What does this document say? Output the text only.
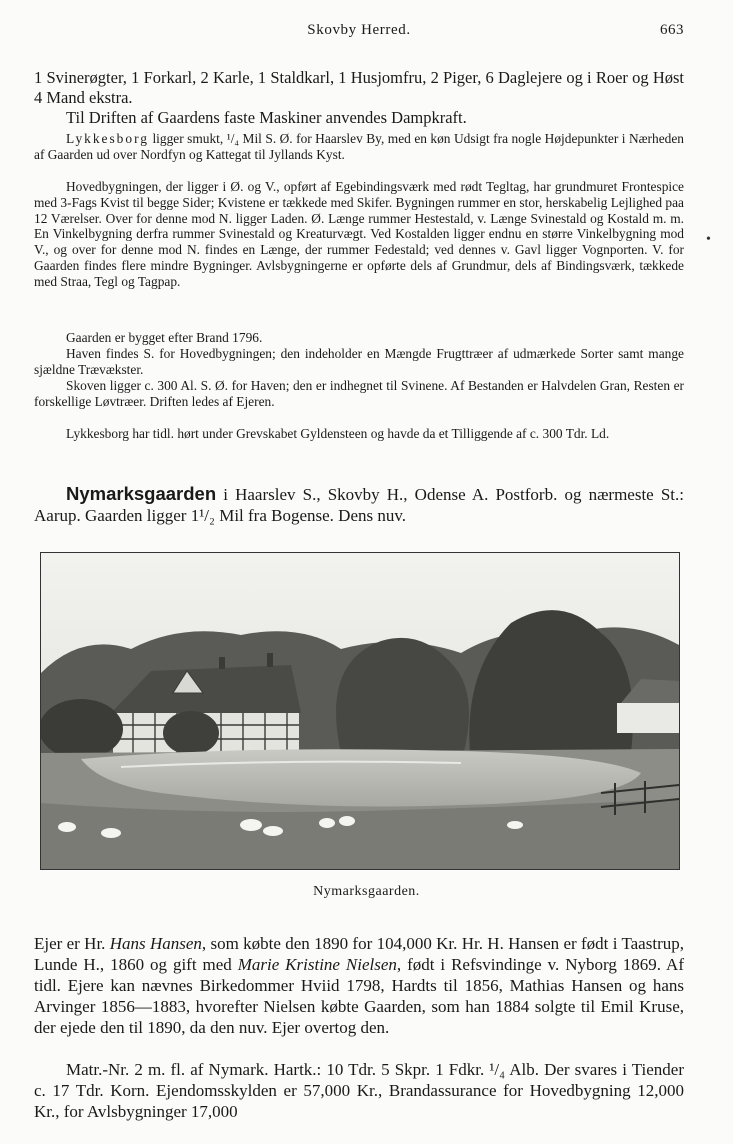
Skovby Herred.	663

1 Svinerøgter, 1 Forkarl, 2 Karle, 1 Staldkarl, 1 Husjomfru, 2 Piger, 6 Daglejere og i Roer og Høst 4 Mand ekstra.

Til Driften af Gaardens faste Maskiner anvendes Dampkraft.

Lykkesborg ligger smukt, ¹/₄ Mil S. Ø. for Haarslev By, med en køn Udsigt fra nogle Højdepunkter i Nærheden af Gaarden ud over Nordfyn og Kattegat til Jyllands Kyst.

Hovedbygningen, der ligger i Ø. og V., opført af Egebindingsværk med rødt Tegltag, har grundmuret Frontespice med 3-Fags Kvist til begge Sider; Kvistene er tækkede med Skifer. Bygningen rummer en stor, herskabelig Lejlighed paa 12 Værelser. Over for denne mod N. ligger Laden. Ø. Længe rummer Hestestald, v. Længe Svinestald og Kostald m. m. En Vinkelbygning derfra rummer Svinestald og Kreaturvægt. Ved Kostalden ligger endnu en større Vinkelbygning mod V., og over for denne mod N. findes en Længe, der rummer Fedestald; ved dennes v. Gavl ligger Vognporten. V. for Gaarden findes flere mindre Bygninger. Avlsbygningerne er opførte dels af Grundmur, dels af Bindingsværk, tækkede med Straa, Tegl og Tagpap.

Gaarden er bygget efter Brand 1796.

Haven findes S. for Hovedbygningen; den indeholder en Mængde Frugttræer af udmærkede Sorter samt mange sjældne Trævækster.

Skoven ligger c. 300 Al. S. Ø. for Haven; den er indhegnet til Svinene. Af Bestanden er Halvdelen Gran, Resten er forskellige Løvtræer. Driften ledes af Ejeren.

Lykkesborg har tidl. hørt under Grevskabet Gyldensteen og havde da et Tilliggende af c. 300 Tdr. Ld.

Nymarksgaarden i Haarslev S., Skovby H., Odense A. Postforb. og nærmeste St.: Aarup. Gaarden ligger 1¹/₂ Mil fra Bogense. Dens nuv.

Nymarksgaarden.

Ejer er Hr. Hans Hansen, som købte den 1890 for 104,000 Kr. Hr. H. Hansen er født i Taastrup, Lunde H., 1860 og gift med Marie Kristine Nielsen, født i Refsvindinge v. Nyborg 1869. Af tidl. Ejere kan nævnes Birkedommer Hviid 1798, Hardts til 1856, Mathias Hansen og hans Arvinger 1856—1883, hvorefter Nielsen købte Gaarden, som han 1884 solgte til Emil Kruse, der ejede den til 1890, da den nuv. Ejer overtog den.

Matr.-Nr. 2 m. fl. af Nymark. Hartk.: 10 Tdr. 5 Skpr. 1 Fdkr. ¹/₄ Alb. Der svares i Tiender c. 17 Tdr. Korn. Ejendomsskylden er 57,000 Kr., Brandassurance for Hovedbygning 12,000 Kr., for Avlsbygninger 17,000

•
